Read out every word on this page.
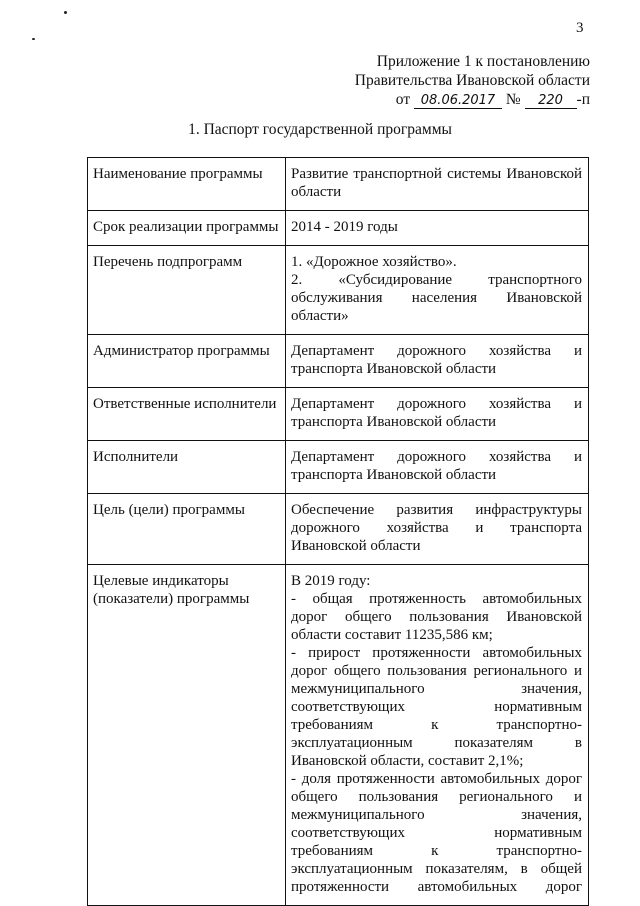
3
Приложение 1 к постановлению
Правительства Ивановской области
от 08.06.2017 № 220 -п
1. Паспорт государственной программы
Наименование программы	Развитие транспортной системы Ивановской области
Срок реализации программы	2014 - 2019 годы
Перечень подпрограмм	1. «Дорожное хозяйство».
2. «Субсидирование транспортного обслуживания населения Ивановской области»

Администратор программы	Департамент дорожного хозяйства и транспорта Ивановской области
Ответственные исполнители	Департамент дорожного хозяйства и транспорта Ивановской области
Исполнители	Департамент дорожного хозяйства и транспорта Ивановской области
Цель (цели) программы	Обеспечение развития инфраструктуры дорожного хозяйства и транспорта Ивановской области
Целевые индикаторы (показатели) программы	В 2019 году:
- общая протяженность автомобильных дорог общего пользования Ивановской области составит 11235,586 км;
- прирост протяженности автомобильных дорог общего пользования регионального и межмуниципального значения, соответствующих нормативным требованиям к транспортно-эксплуатационным показателям в Ивановской области, составит 2,1%;
- доля протяженности автомобильных дорог общего пользования регионального и межмуниципального значения, соответствующих нормативным требованиям к транспортно-эксплуатационным показателям, в общей протяженности автомобильных дорог
